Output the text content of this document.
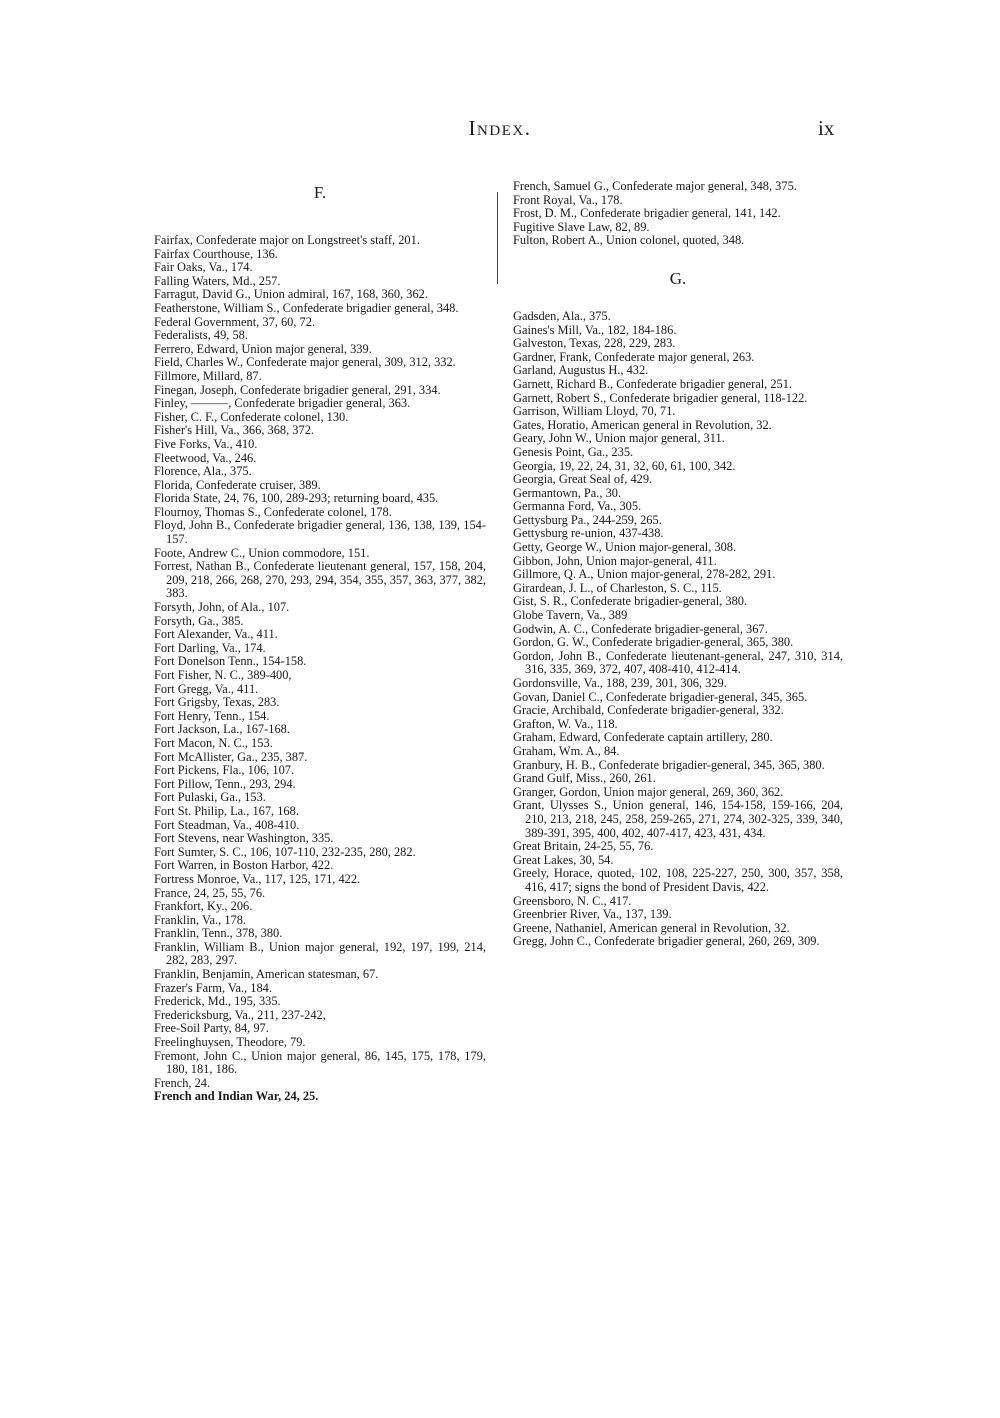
Index.	ix
F.
Fairfax, Confederate major on Longstreet's staff, 201.
Fairfax Courthouse, 136.
Fair Oaks, Va., 174.
Falling Waters, Md., 257.
Farragut, David G., Union admiral, 167, 168, 360, 362.
Featherstone, William S., Confederate brigadier general, 348.
Federal Government, 37, 60, 72.
Federalists, 49, 58.
Ferrero, Edward, Union major general, 339.
Field, Charles W., Confederate major general, 309, 312, 332.
Fillmore, Millard, 87.
Finegan, Joseph, Confederate brigadier general, 291, 334.
Finley, ———, Confederate brigadier general, 363.
Fisher, C. F., Confederate colonel, 130.
Fisher's Hill, Va., 366, 368, 372.
Five Forks, Va., 410.
Fleetwood, Va., 246.
Florence, Ala., 375.
Florida, Confederate cruiser, 389.
Florida State, 24, 76, 100, 289-293; returning board, 435.
Flournoy, Thomas S., Confederate colonel, 178.
Floyd, John B., Confederate brigadier general, 136, 138, 139, 154-157.
Foote, Andrew C., Union commodore, 151.
Forrest, Nathan B., Confederate lieutenant general, 157, 158, 204, 209, 218, 266, 268, 270, 293, 294, 354, 355, 357, 363, 377, 382, 383.
Forsyth, John, of Ala., 107.
Forsyth, Ga., 385.
Fort Alexander, Va., 411.
Fort Darling, Va., 174.
Fort Donelson Tenn., 154-158.
Fort Fisher, N. C., 389-400,
Fort Gregg, Va., 411.
Fort Grigsby, Texas, 283.
Fort Henry, Tenn., 154.
Fort Jackson, La., 167-168.
Fort Macon, N. C., 153.
Fort McAllister, Ga., 235, 387.
Fort Pickens, Fla., 106, 107.
Fort Pillow, Tenn., 293, 294.
Fort Pulaski, Ga., 153.
Fort St. Philip, La., 167, 168.
Fort Steadman, Va., 408-410.
Fort Stevens, near Washington, 335.
Fort Sumter, S. C., 106, 107-110, 232-235, 280, 282.
Fort Warren, in Boston Harbor, 422.
Fortress Monroe, Va., 117, 125, 171, 422.
France, 24, 25, 55, 76.
Frankfort, Ky., 206.
Franklin, Va., 178.
Franklin, Tenn., 378, 380.
Franklin, William B., Union major general, 192, 197, 199, 214, 282, 283, 297.
Franklin, Benjamin, American statesman, 67.
Frazer's Farm, Va., 184.
Frederick, Md., 195, 335.
Fredericksburg, Va., 211, 237-242,
Free-Soil Party, 84, 97.
Freelinghuysen, Theodore, 79.
Fremont, John C., Union major general, 86, 145, 175, 178, 179, 180, 181, 186.
French, 24.
French and Indian War, 24, 25.
French, Samuel G., Confederate major general, 348, 375.
Front Royal, Va., 178.
Frost, D. M., Confederate brigadier general, 141, 142.
Fugitive Slave Law, 82, 89.
Fulton, Robert A., Union colonel, quoted, 348.
G.
Gadsden, Ala., 375.
Gaines's Mill, Va., 182, 184-186.
Galveston, Texas, 228, 229, 283.
Gardner, Frank, Confederate major general, 263.
Garland, Augustus H., 432.
Garnett, Richard B., Confederate brigadier general, 251.
Garnett, Robert S., Confederate brigadier general, 118-122.
Garrison, William Lloyd, 70, 71.
Gates, Horatio, American general in Revolution, 32.
Geary, John W., Union major general, 311.
Genesis Point, Ga., 235.
Georgia, 19, 22, 24, 31, 32, 60, 61, 100, 342.
Georgia, Great Seal of, 429.
Germantown, Pa., 30.
Germanna Ford, Va., 305.
Gettysburg Pa., 244-259, 265.
Gettysburg re-union, 437-438.
Getty, George W., Union major-general, 308.
Gibbon, John, Union major-general, 411.
Gillmore, Q. A., Union major-general, 278-282, 291.
Girardean, J. L., of Charleston, S. C., 115.
Gist, S. R., Confederate brigadier-general, 380.
Globe Tavern, Va., 389
Godwin, A. C., Confederate brigadier-general, 367.
Gordon, G. W., Confederate brigadier-general, 365, 380.
Gordon, John B., Confederate lieutenant-general, 247, 310, 314, 316, 335, 369, 372, 407, 408-410, 412-414.
Gordonsville, Va., 188, 239, 301, 306, 329.
Govan, Daniel C., Confederate brigadier-general, 345, 365.
Gracie, Archibald, Confederate brigadier-general, 332.
Grafton, W. Va., 118.
Graham, Edward, Confederate captain artillery, 280.
Graham, Wm. A., 84.
Granbury, H. B., Confederate brigadier-general, 345, 365, 380.
Grand Gulf, Miss., 260, 261.
Granger, Gordon, Union major general, 269, 360, 362.
Grant, Ulysses S., Union general, 146, 154-158, 159-166, 204, 210, 213, 218, 245, 258, 259-265, 271, 274, 302-325, 339, 340, 389-391, 395, 400, 402, 407-417, 423, 431, 434.
Great Britain, 24-25, 55, 76.
Great Lakes, 30, 54.
Greely, Horace, quoted, 102, 108, 225-227, 250, 300, 357, 358, 416, 417; signs the bond of President Davis, 422.
Greensboro, N. C., 417.
Greenbrier River, Va., 137, 139.
Greene, Nathaniel, American general in Revolution, 32.
Gregg, John C., Confederate brigadier general, 260, 269, 309.
